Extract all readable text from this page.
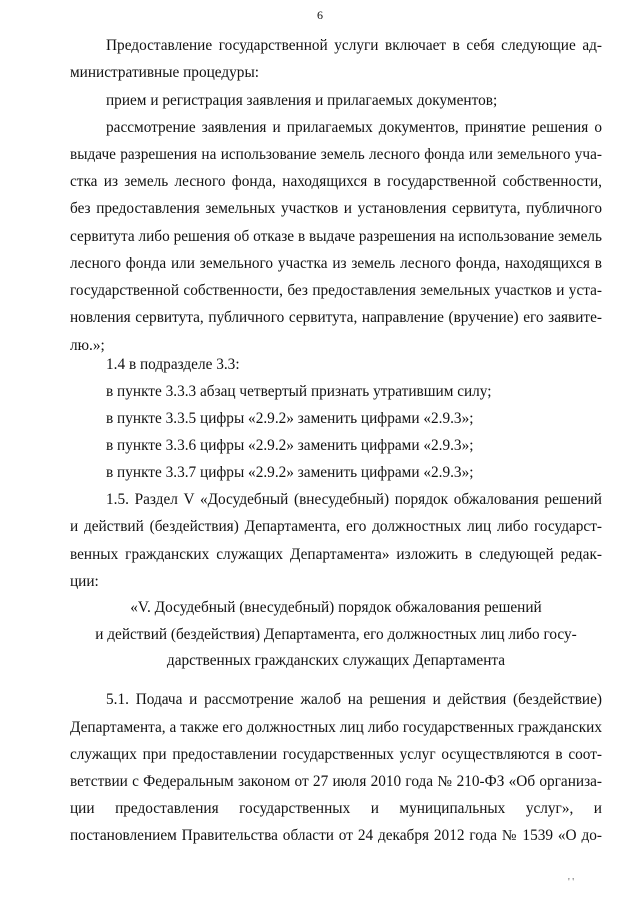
6
Предоставление государственной услуги включает в себя следующие ад-
министративные процедуры:
прием и регистрация заявления и прилагаемых документов;
рассмотрение заявления и прилагаемых документов, принятие решения о
выдаче разрешения на использование земель лесного фонда или земельного уча-
стка из земель лесного фонда, находящихся в государственной собственности,
без предоставления земельных участков и установления сервитута, публичного
сервитута либо решения об отказе в выдаче разрешения на использование земель
лесного фонда или земельного участка из земель лесного фонда, находящихся в
государственной собственности, без предоставления земельных участков и уста-
новления сервитута, публичного сервитута, направление (вручение) его заявите-
лю.»;
1.4 в подразделе 3.3:
в пункте 3.3.3 абзац четвертый признать утратившим силу;
в пункте 3.3.5 цифры «2.9.2» заменить цифрами «2.9.3»;
в пункте 3.3.6 цифры «2.9.2» заменить цифрами «2.9.3»;
в пункте 3.3.7 цифры «2.9.2» заменить цифрами «2.9.3»;
1.5. Раздел V «Досудебный (внесудебный) порядок обжалования решений
и действий (бездействия) Департамента, его должностных лиц либо государст-
венных гражданских служащих Департамента» изложить в следующей редак-
ции:
«V. Досудебный (внесудебный) порядок обжалования решений
и действий (бездействия) Департамента, его должностных лиц либо госу-
дарственных гражданских служащих Департамента
5.1. Подача и рассмотрение жалоб на решения и действия (бездействие)
Департамента, а также его должностных лиц либо государственных гражданских
служащих при предоставлении государственных услуг осуществляются в соот-
ветствии с Федеральным законом от 27 июля 2010 года № 210-ФЗ «Об организа-
ции предоставления государственных и муниципальных услуг», и
постановлением Правительства области от 24 декабря 2012 года № 1539 «О до-
' '
